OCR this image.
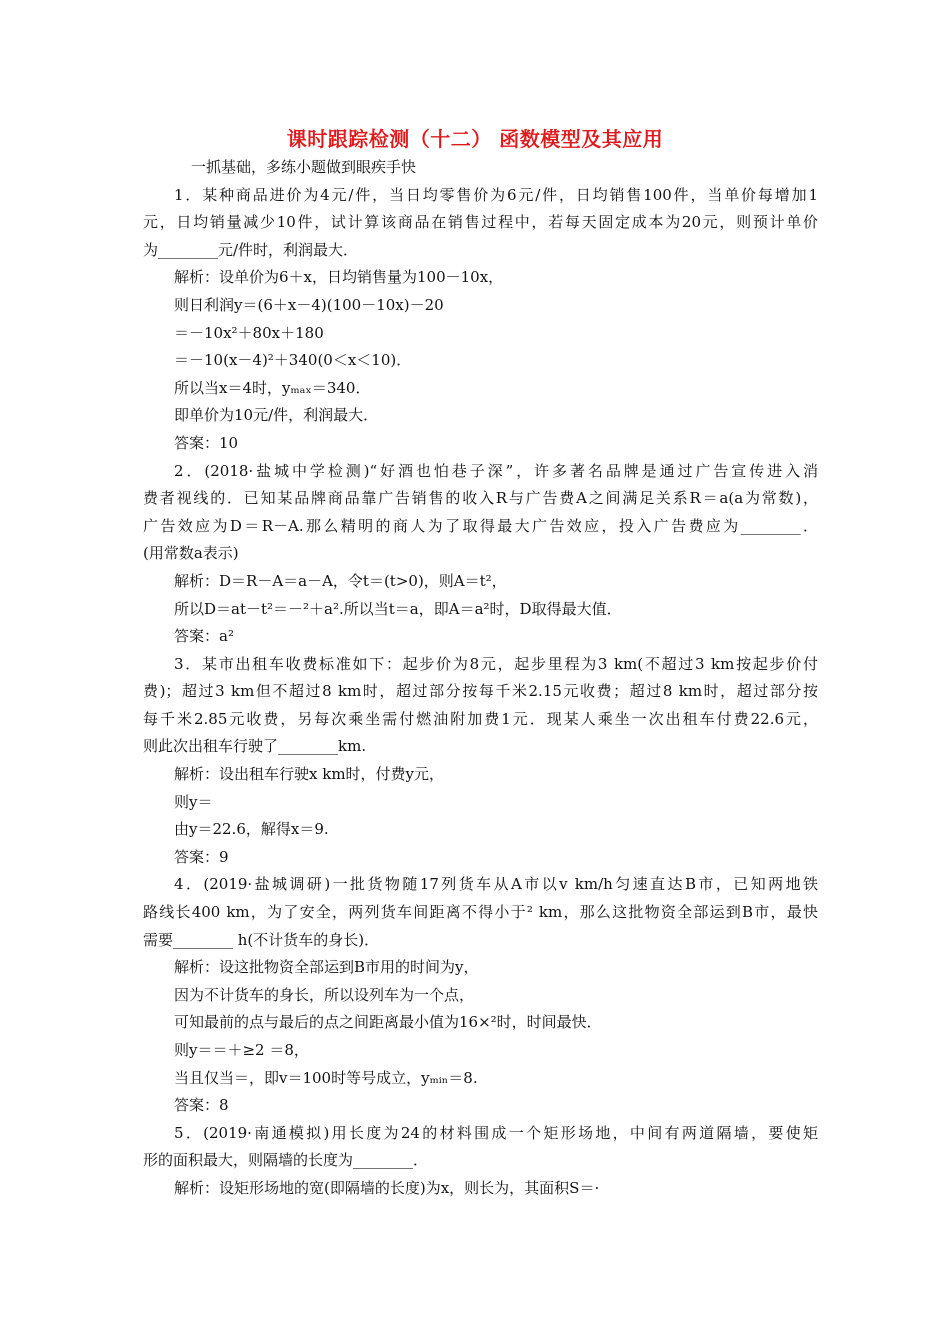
课时跟踪检测（十二） 函数模型及其应用
一抓基础，多练小题做到眼疾手快
1．某种商品进价为4元/件，当日均零售价为6元/件，日均销售100件，当单价每增加1
元，日均销量减少10件，试计算该商品在销售过程中，若每天固定成本为20元，则预计单价
为________元/件时，利润最大．
解析：设单价为6＋x，日均销售量为100－10x，
则日利润y＝(6＋x－4)(100－10x)－20
＝－10x²＋80x＋180
＝－10(x－4)²＋340(0＜x＜10)．
所以当x＝4时，yₘₐₓ＝340．
即单价为10元/件，利润最大．
答案：10
2．(2018·盐城中学检测)“好酒也怕巷子深”，许多著名品牌是通过广告宣传进入消
费者视线的．已知某品牌商品靠广告销售的收入R与广告费A之间满足关系R＝a(a为常数)，
广告效应为D＝R－A.那么精明的商人为了取得最大广告效应，投入广告费应为________．
(用常数a表示)
解析：D＝R－A＝a－A，令t＝(t>0)，则A＝t²，
所以D＝at－t²＝－²＋a².所以当t＝a，即A＝a²时，D取得最大值．
答案：a²
3．某市出租车收费标准如下：起步价为8元，起步里程为3 km(不超过3 km按起步价付
费)；超过3 km但不超过8 km时，超过部分按每千米2.15元收费；超过8 km时，超过部分按
每千米2.85元收费，另每次乘坐需付燃油附加费1元．现某人乘坐一次出租车付费22.6元，
则此次出租车行驶了________km.
解析：设出租车行驶x km时，付费y元，
则y＝
由y＝22.6，解得x＝9.
答案：9
4．(2019·盐城调研)一批货物随17列货车从A市以v km/h匀速直达B市，已知两地铁
路线长400 km，为了安全，两列货车间距离不得小于² km，那么这批物资全部运到B市，最快
需要________ h(不计货车的身长)．
解析：设这批物资全部运到B市用的时间为y，
因为不计货车的身长，所以设列车为一个点，
可知最前的点与最后的点之间距离最小值为16×²时，时间最快．
则y＝＝＋≥2 ＝8，
当且仅当＝，即v＝100时等号成立，yₘᵢₙ＝8.
答案：8
5．(2019·南通模拟)用长度为24的材料围成一个矩形场地，中间有两道隔墙，要使矩
形的面积最大，则隔墙的长度为________．
解析：设矩形场地的宽(即隔墙的长度)为x，则长为，其面积S＝·
